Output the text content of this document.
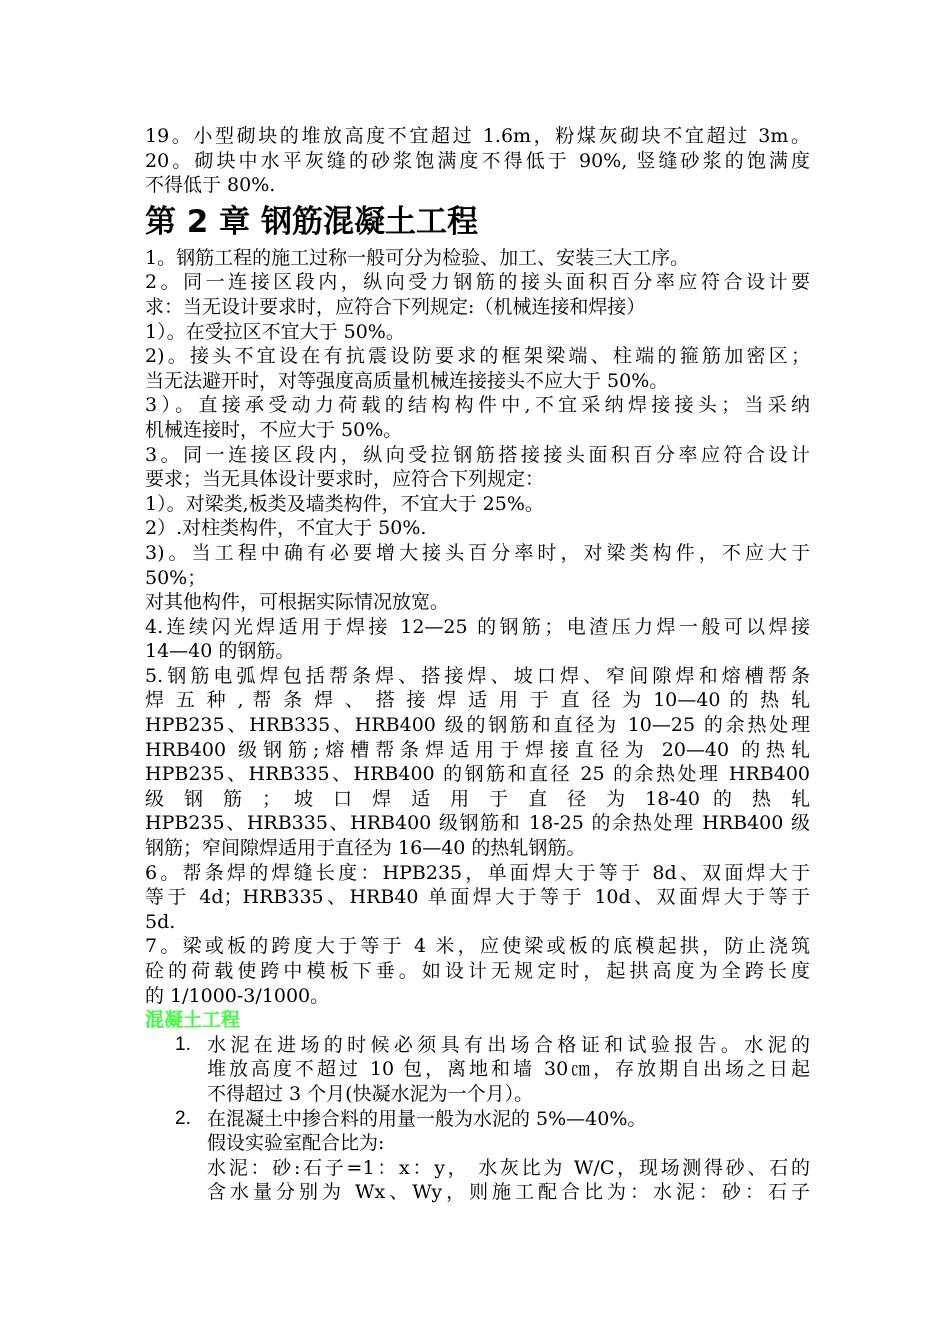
19。小型砌块的堆放高度不宜超过 1.6m，粉煤灰砌块不宜超过 3m。
20。砌块中水平灰缝的砂浆饱满度不得低于 90%, 竖缝砂浆的饱满度
不得低于 80%.
第 2 章 钢筋混凝土工程
1。钢筋工程的施工过称一般可分为检验、加工、安装三大工序。
2。同一连接区段内，纵向受力钢筋的接头面积百分率应符合设计要
求：当无设计要求时，应符合下列规定:（机械连接和焊接）
1）。在受拉区不宜大于 50%。
2)。接头不宜设在有抗震设防要求的框架梁端、柱端的箍筋加密区；
当无法避开时，对等强度高质量机械连接接头不应大于 50%。
3）。直接承受动力荷载的结构构件中,不宜采纳焊接接头；当采纳
机械连接时，不应大于 50%。
3。同一连接区段内，纵向受拉钢筋搭接接头面积百分率应符合设计
要求；当无具体设计要求时，应符合下列规定：
1）。对梁类,板类及墙类构件，不宜大于 25%。
2）.对柱类构件，不宜大于 50%.
3)。当工程中确有必要增大接头百分率时，对梁类构件，不应大于
50%；
对其他构件，可根据实际情况放宽。
4.连续闪光焊适用于焊接 12—25 的钢筋；电渣压力焊一般可以焊接
14—40 的钢筋。
5.钢筋电弧焊包括帮条焊、搭接焊、坡口焊、窄间隙焊和熔槽帮条
焊 五 种 , 帮 条 焊 、 搭 接 焊 适 用 于 直 径 为 10—40 的 热 轧
HPB235、HRB335、HRB400 级的钢筋和直径为 10—25 的余热处理
HRB400 级钢筋;熔槽帮条焊适用于焊接直径为 20—40 的热轧
HPB235、HRB335、HRB400 的钢筋和直径 25 的余热处理 HRB400
级 钢 筋 ； 坡 口 焊 适 用 于 直 径 为 18-40 的 热 轧
HPB235、HRB335、HRB400 级钢筋和 18-25 的余热处理 HRB400 级
钢筋；窄间隙焊适用于直径为 16—40 的热轧钢筋。
6。帮条焊的焊缝长度：HPB235，单面焊大于等于 8d、双面焊大于
等于 4d；HRB335、HRB40 单面焊大于等于 10d、双面焊大于等于
5d.
7。梁或板的跨度大于等于 4 米，应使梁或板的底模起拱，防止浇筑
砼的荷载使跨中模板下垂。如设计无规定时，起拱高度为全跨长度
的 1/1000-3/1000。
混凝土工程
1. 水泥在进场的时候必须具有出场合格证和试验报告。水泥的
堆放高度不超过 10 包，离地和墙 30㎝，存放期自出场之日起
不得超过 3 个月(快凝水泥为一个月）。
2. 在混凝土中掺合料的用量一般为水泥的 5%—40%。
假设实验室配合比为:
水泥：砂:石子=1：x：y， 水灰比为 W/C，现场测得砂、石的
含水量分别为 Wx、Wy，则施工配合比为：水泥：砂：石子
